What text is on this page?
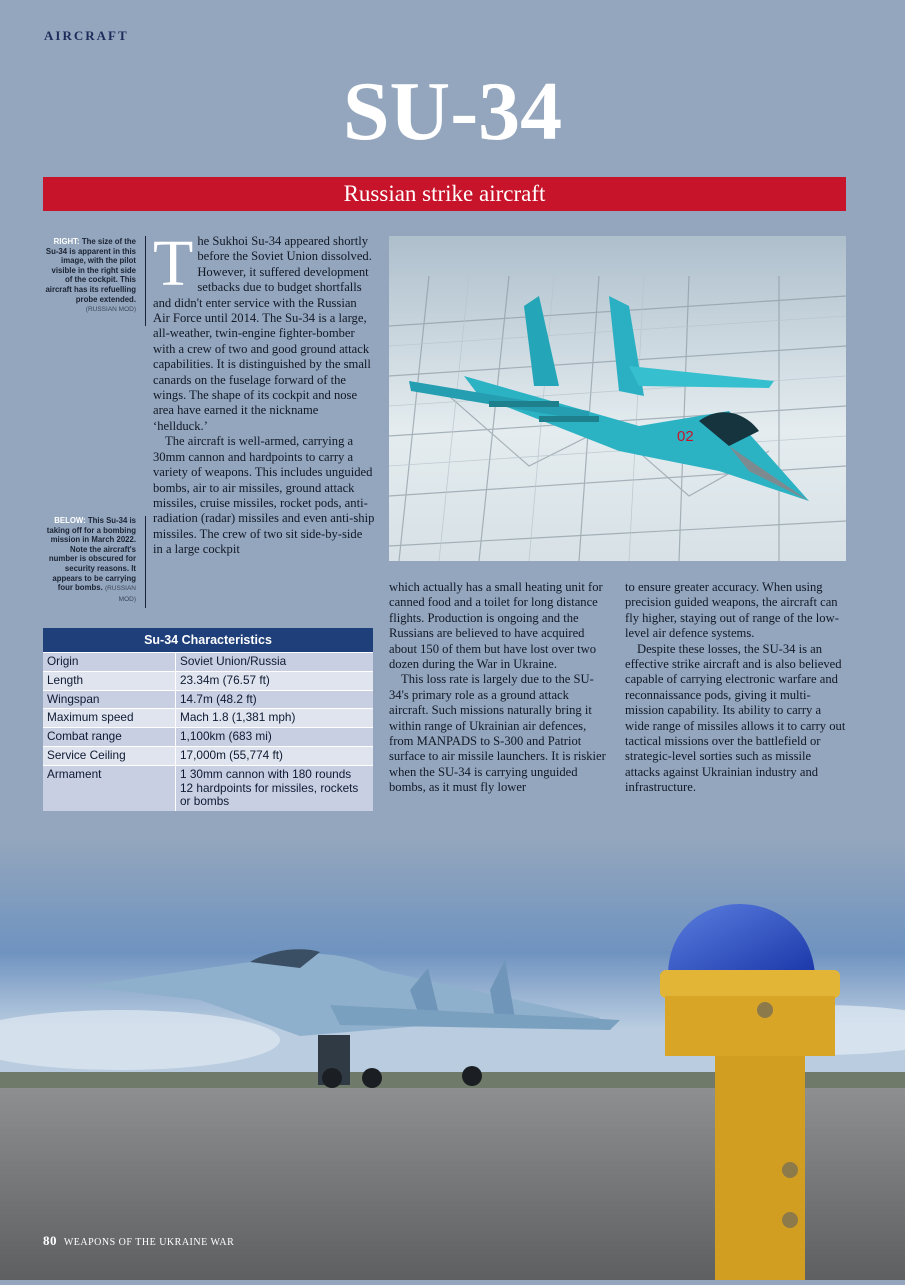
AIRCRAFT
SU-34
Russian strike aircraft
RIGHT: The size of the Su-34 is apparent in this image, with the pilot visible in the right side of the cockpit. This aircraft has its refuelling probe extended. (RUSSIAN MOD)
BELOW: This Su-34 is taking off for a bombing mission in March 2022. Note the aircraft's number is obscured for security reasons. It appears to be carrying four bombs. (RUSSIAN MOD)

The Sukhoi Su-34 appeared shortly before the Soviet Union dissolved. However, it suffered development setbacks due to budget shortfalls and didn't enter service with the Russian Air Force until 2014. The Su-34 is a large, all-weather, twin-engine fighter-bomber with a crew of two and good ground attack capabilities. It is distinguished by the small canards on the fuselage forward of the wings. The shape of its cockpit and nose area have earned it the nickname ‘hellduck.’

The aircraft is well-armed, carrying a 30mm cannon and hardpoints to carry a variety of weapons. This includes unguided bombs, air to air missiles, ground attack missiles, cruise missiles, rocket pods, anti-radiation (radar) missiles and even anti-ship missiles. The crew of two sit side-by-side in a large cockpit

02

which actually has a small heating unit for canned food and a toilet for long distance flights. Production is ongoing and the Russians are believed to have acquired about 150 of them but have lost over two dozen during the War in Ukraine.

This loss rate is largely due to the SU-34's primary role as a ground attack aircraft. Such missions naturally bring it within range of Ukrainian air defences, from MANPADS to S-300 and Patriot surface to air missile launchers. It is riskier when the SU-34 is carrying unguided bombs, as it must fly lower

to ensure greater accuracy. When using precision guided weapons, the aircraft can fly higher, staying out of range of the low-level air defence systems.

Despite these losses, the SU-34 is an effective strike aircraft and is also believed capable of carrying electronic warfare and reconnaissance pods, giving it multi-mission capability. Its ability to carry a wide range of missiles allows it to carry out tactical missions over the battlefield or strategic-level sorties such as missile attacks against Ukrainian industry and infrastructure.

Su-34 Characteristics
Origin	Soviet Union/Russia
Length	23.34m (76.57 ft)
Wingspan	14.7m (48.2 ft)
Maximum speed	Mach 1.8 (1,381 mph)
Combat range	1,100km (683 mi)
Service Ceiling	17,000m (55,774 ft)
Armament	1 30mm cannon with 180 rounds
12 hardpoints for missiles, rockets or bombs
80 WEAPONS OF THE UKRAINE WAR
